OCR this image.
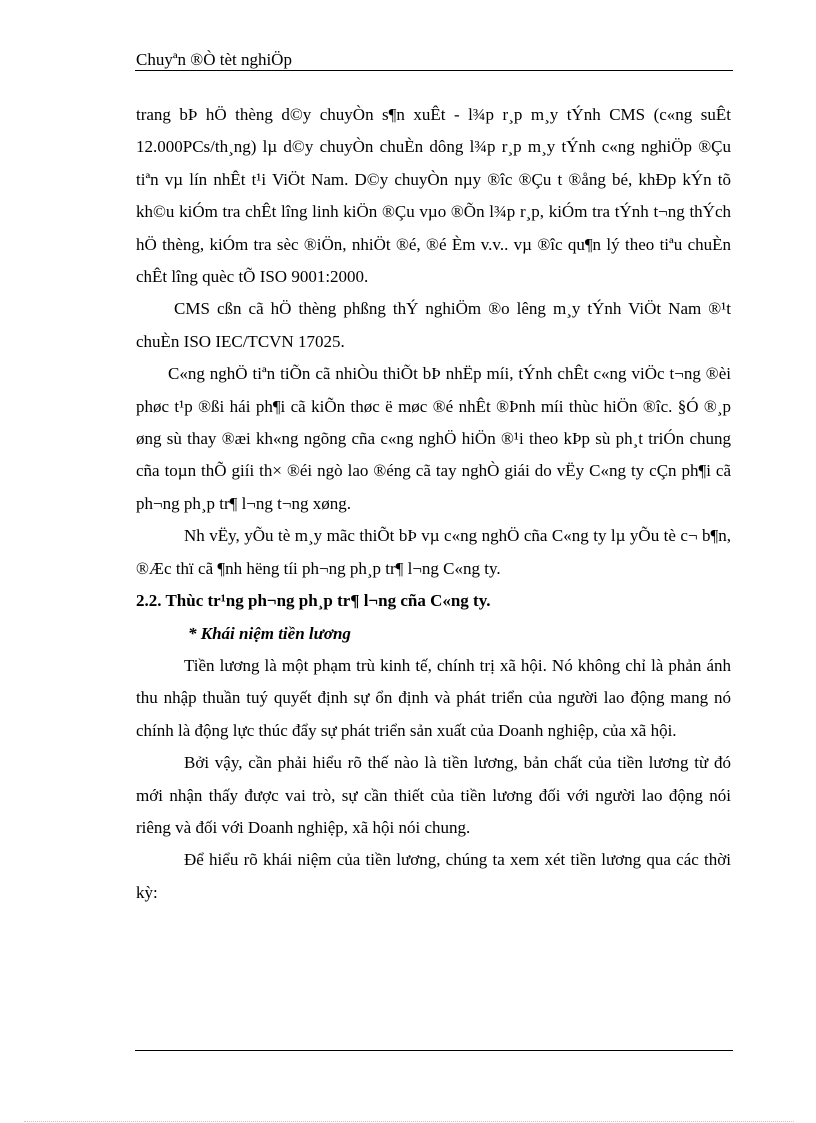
Chuyªn ®Ò tèt nghiÖp

trang bÞ hÖ thèng d©y chuyÒn s¶n xuÊt - l¾p r¸p m¸y tÝnh CMS (c«ng suÊt 12.000PCs/th¸ng) lµ d©y chuyÒn chuÈn dông l¾p r¸p m¸y tÝnh c«ng nghiÖp ®Çu tiªn vµ lín nhÊt t¹i ViÖt Nam. D©y chuyÒn nµy ®îc ®Çu t ®ång bé, khÐp kÝn tõ kh©u kiÓm tra chÊt lîng linh kiÖn ®Çu vµo ®Õn l¾p r¸p, kiÓm tra tÝnh t¬ng thÝch hÖ thèng, kiÓm tra sèc ®iÖn, nhiÖt ®é, ®é Èm v.v.. vµ ®îc qu¶n lý theo tiªu chuÈn chÊt lîng quèc tÕ ISO 9001:2000.

CMS cßn cã hÖ thèng phßng thÝ nghiÖm ®o lêng m¸y tÝnh ViÖt Nam ®¹t chuÈn ISO IEC/TCVN 17025.

C«ng nghÖ tiªn tiÕn cã nhiÒu thiÕt bÞ nhËp míi, tÝnh chÊt c«ng viÖc t¬ng ®èi phøc t¹p ®ßi hái ph¶i cã kiÕn thøc ë møc ®é nhÊt ®Þnh míi thùc hiÖn ®îc. §Ó ®¸p øng sù thay ®æi kh«ng ngõng cña c«ng nghÖ hiÖn ®¹i theo kÞp sù ph¸t triÓn chung cña toµn thÕ giíi th× ®éi ngò lao ®éng cã tay nghÒ giái do vËy C«ng ty cÇn ph¶i cã ph¬ng ph¸p tr¶ l¬ng t¬ng xøng.

Nh vËy, yÕu tè m¸y mãc thiÕt bÞ vµ c«ng nghÖ cña C«ng ty lµ yÕu tè c¬ b¶n, ®Æc thï cã ¶nh hëng tíi ph¬ng ph¸p tr¶ l¬ng C«ng ty.

2.2. Thùc tr¹ng ph¬ng ph¸p tr¶ l¬ng cña C«ng ty.

* Khái niệm tiền lương

Tiền lương là một phạm trù kinh tế, chính trị xã hội. Nó không chỉ là phản ánh thu nhập thuần tuý quyết định sự ổn định và phát triển của người lao động mang nó chính là động lực thúc đẩy sự phát triển sản xuất của Doanh nghiệp, của xã hội.

Bởi vậy, cần phải hiểu rõ thế nào là tiền lương, bản chất của tiền lương từ đó mới nhận thấy được vai trò, sự cần thiết của tiền lương đối với người lao động nói riêng và đối với Doanh nghiệp, xã hội nói chung.

Để hiểu rõ khái niệm của tiền lương, chúng ta xem xét tiền lương qua các thời kỳ:
